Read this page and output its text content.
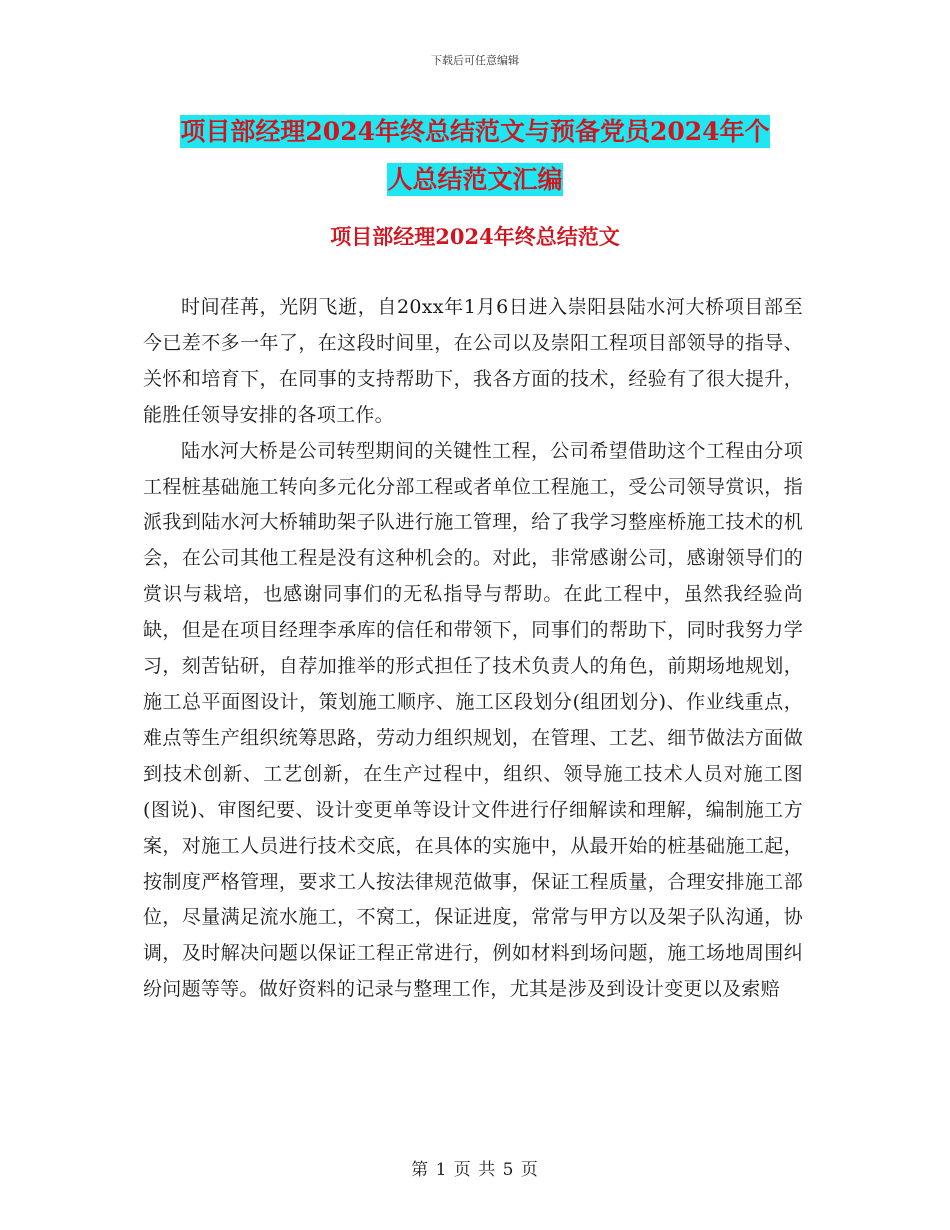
下载后可任意编辑
项目部经理2024年终总结范文与预备党员2024年个
人总结范文汇编
项目部经理2024年终总结范文

时间荏苒，光阴飞逝，自20xx年1月6日进入崇阳县陆水河大桥项目部至今已差不多一年了，在这段时间里，在公司以及崇阳工程项目部领导的指导、关怀和培育下，在同事的支持帮助下，我各方面的技术，经验有了很大提升，能胜任领导安排的各项工作。

陆水河大桥是公司转型期间的关键性工程，公司希望借助这个工程由分项工程桩基础施工转向多元化分部工程或者单位工程施工，受公司领导赏识，指派我到陆水河大桥辅助架子队进行施工管理，给了我学习整座桥施工技术的机会，在公司其他工程是没有这种机会的。对此，非常感谢公司，感谢领导们的赏识与栽培，也感谢同事们的无私指导与帮助。在此工程中，虽然我经验尚缺，但是在项目经理李承库的信任和带领下，同事们的帮助下，同时我努力学习，刻苦钻研，自荐加推举的形式担任了技术负责人的角色，前期场地规划，施工总平面图设计，策划施工顺序、施工区段划分(组团划分)、作业线重点，难点等生产组织统筹思路，劳动力组织规划，在管理、工艺、细节做法方面做到技术创新、工艺创新，在生产过程中，组织、领导施工技术人员对施工图(图说)、审图纪要、设计变更单等设计文件进行仔细解读和理解，编制施工方案，对施工人员进行技术交底，在具体的实施中，从最开始的桩基础施工起，按制度严格管理，要求工人按法律规范做事，保证工程质量，合理安排施工部位，尽量满足流水施工，不窝工，保证进度，常常与甲方以及架子队沟通，协调，及时解决问题以保证工程正常进行，例如材料到场问题，施工场地周围纠纷问题等等。做好资料的记录与整理工作，尤其是涉及到设计变更以及索赔

第 1 页 共 5 页
